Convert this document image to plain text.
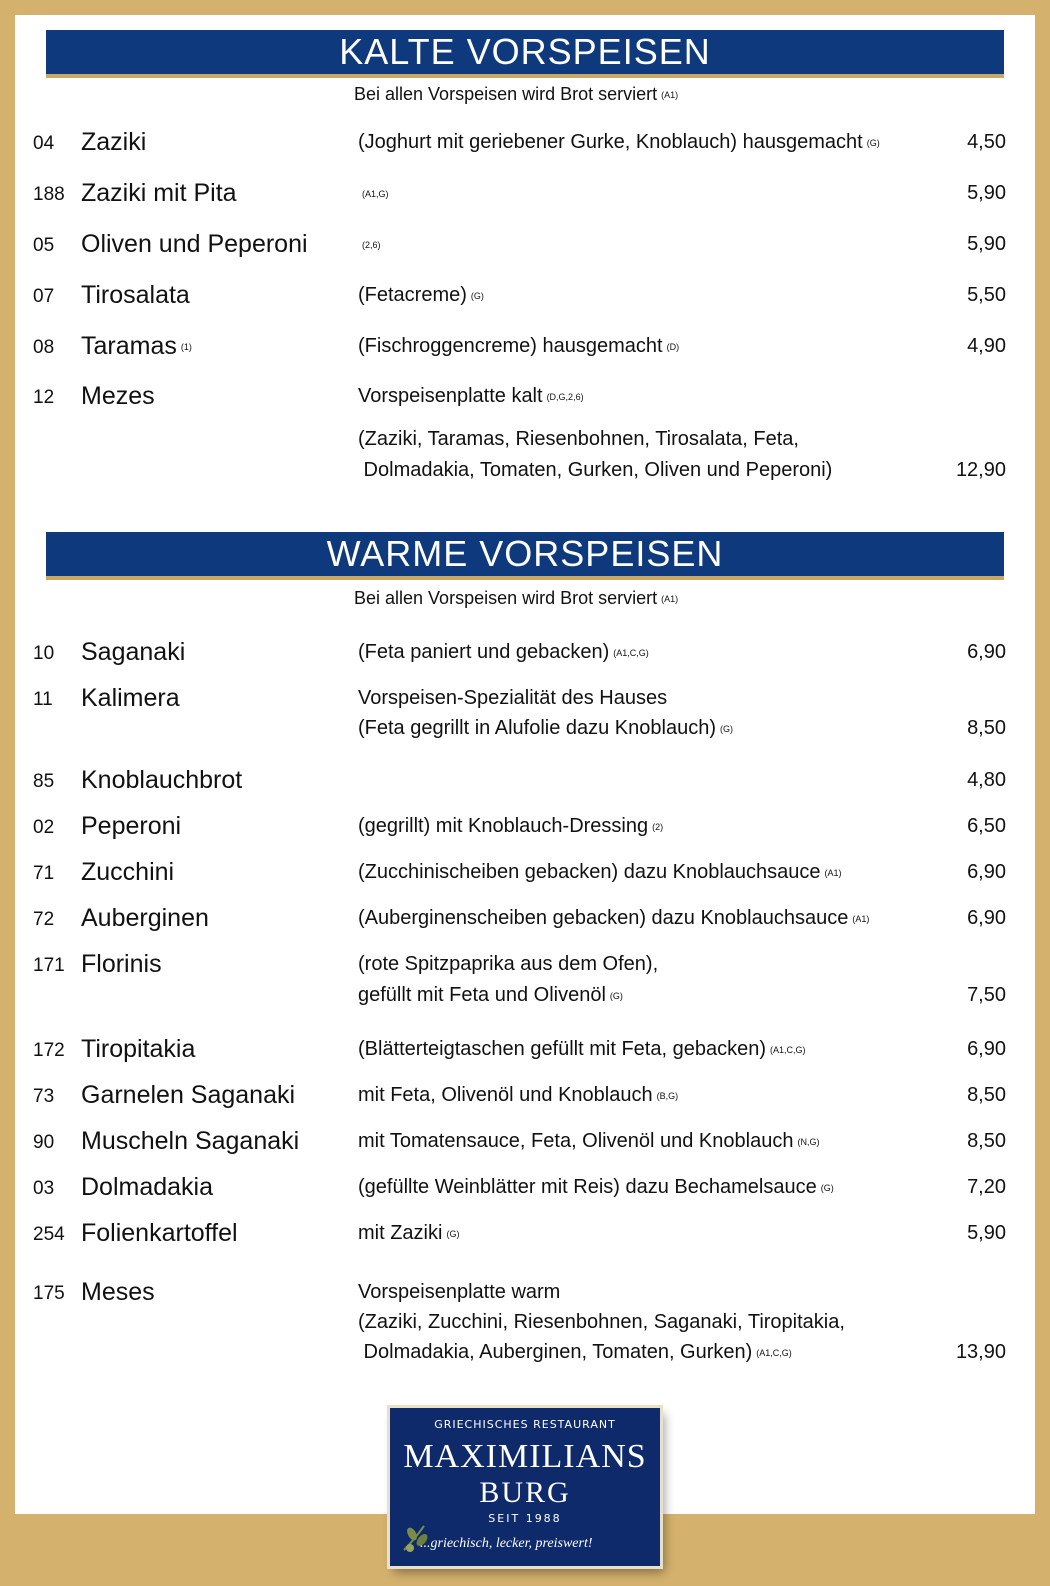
KALTE VORSPEISEN
Bei allen Vorspeisen wird Brot serviert (A1)
04 Zaziki	(Joghurt mit geriebener Gurke, Knoblauch) hausgemacht (G)	4,50
188 Zaziki mit Pita	(A1,G)	5,90
05 Oliven und Peperoni	(2,6)	5,90
07 Tirosalata	(Fetacreme) (G)	5,50
08 Taramas (1)	(Fischroggencreme) hausgemacht (D)	4,90
12 Mezes	Vorspeisenplatte kalt (D,G,2,6)
(Zaziki, Taramas, Riesenbohnen, Tirosalata, Feta,
Dolmadakia, Tomaten, Gurken, Oliven und Peperoni)	12,90
WARME VORSPEISEN
Bei allen Vorspeisen wird Brot serviert (A1)
10 Saganaki	(Feta paniert und gebacken) (A1,C,G)	6,90
11 Kalimera	Vorspeisen-Spezialität des Hauses
(Feta gegrillt in Alufolie dazu Knoblauch) (G)	8,50
85 Knoblauchbrot	4,80
02 Peperoni	(gegrillt) mit Knoblauch-Dressing (2)	6,50
71 Zucchini	(Zucchinischeiben gebacken) dazu Knoblauchsauce (A1)	6,90
72 Auberginen	(Auberginenscheiben gebacken) dazu Knoblauchsauce (A1)	6,90
171 Florinis	(rote Spitzpaprika aus dem Ofen),
gefüllt mit Feta und Olivenöl (G)	7,50
172 Tiropitakia	(Blätterteigtaschen gefüllt mit Feta, gebacken) (A1,C,G)	6,90
73 Garnelen Saganaki	mit Feta, Olivenöl und Knoblauch (B,G)	8,50
90 Muscheln Saganaki	mit Tomatensauce, Feta, Olivenöl und Knoblauch (N,G)	8,50
03 Dolmadakia	(gefüllte Weinblätter mit Reis) dazu Bechamelsauce (G)	7,20
254 Folienkartoffel	mit Zaziki (G)	5,90
175 Meses	Vorspeisenplatte warm
(Zaziki, Zucchini, Riesenbohnen, Saganaki, Tiropitakia,
Dolmadakia, Auberginen, Tomaten, Gurken) (A1,C,G)	13,90
GRIECHISCHES RESTAURANT
MAXIMILIANS
BURG
SEIT 1988
...griechisch, lecker, preiswert!
